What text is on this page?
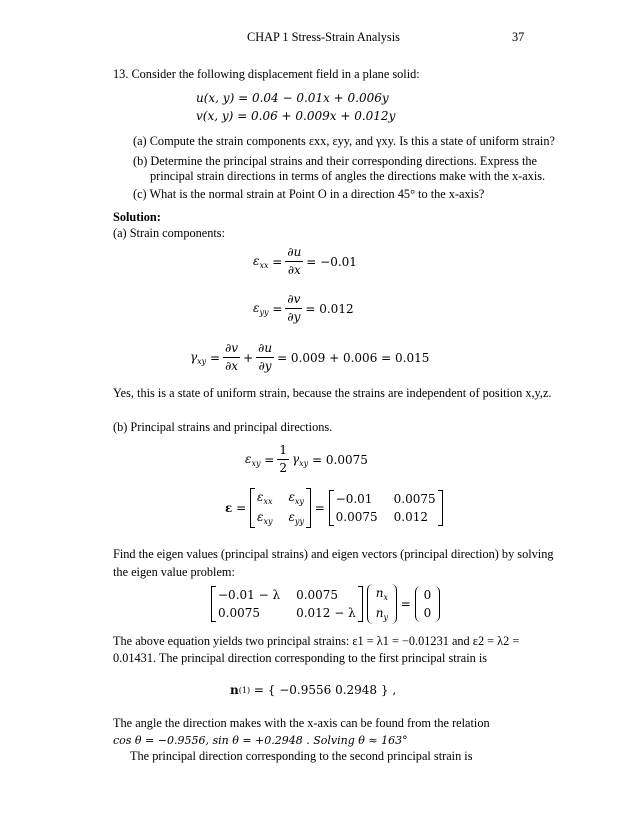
CHAP 1 Stress-Strain Analysis	37
13. Consider the following displacement field in a plane solid:
u(x, y) = 0.04 − 0.01x + 0.006y
v(x, y) = 0.06 + 0.009x + 0.012y
(a) Compute the strain components εxx, εyy, and γxy. Is this a state of uniform strain?
(b) Determine the principal strains and their corresponding directions. Express the
principal strain directions in terms of angles the directions make with the x-axis.
(c) What is the normal strain at Point O in a direction 45° to the x-axis?
Solution:
(a) Strain components:
$\varepsilon_{xx} = \frac{\partial u}{\partial x} = -0.01$
$\varepsilon_{yy} = \frac{\partial v}{\partial y} = 0.012$
$\gamma_{xy} = \frac{\partial v}{\partial x} + \frac{\partial u}{\partial y} = 0.009 + 0.006 = 0.015$
Yes, this is a state of uniform strain, because the strains are independent of position x,y,z.
(b) Principal strains and principal directions.
$\varepsilon_{xy} = \frac{1}{2} \gamma_{xy}$
= 0.0075
ε =
$\varepsilon_{xx}$ $\varepsilon_{xy}$
$\varepsilon_{xy}$ $\varepsilon_{yy}$
=
−0.01	0.0075
0.0075 0.012
Find the eigen values (principal strains) and eigen vectors (principal direction) by solving
the eigen value problem:
−0.01 − λ 0.0075
0.0075	0.012 − λ
$n_x$
$n_y$
=
0
0
The above equation yields two principal strains: ε1 = λ1 = −0.01231 and ε2 = λ2 =
0.01431. The principal direction corresponding to the first principal strain is
n (1)
= { −0.9556 0.2948 } ,
The angle the direction makes with the x-axis can be found from the relation
cos θ = −0.9556, sin θ = +0.2948 . Solving θ ≈ 163°
The principal direction corresponding to the second principal strain is
